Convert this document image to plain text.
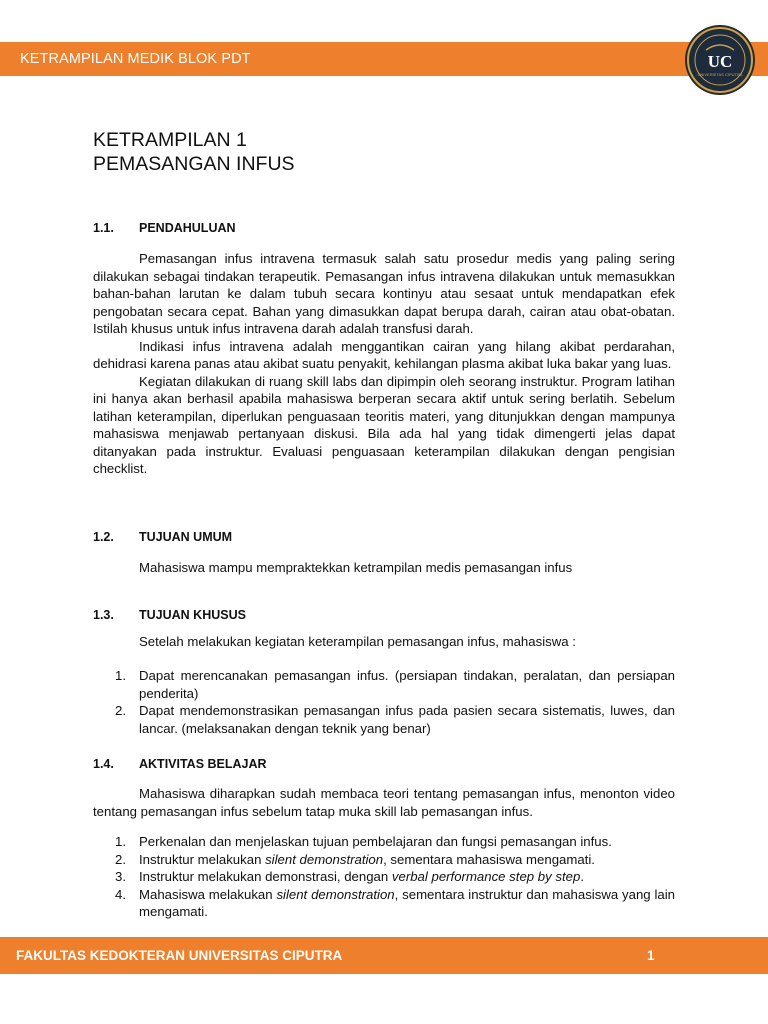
KETRAMPILAN MEDIK BLOK PDT	UC
UNIVERSITAS CIPUTRA
KETRAMPILAN 1
PEMASANGAN INFUS
1.1. PENDAHULUAN

Pemasangan infus intravena termasuk salah satu prosedur medis yang paling sering dilakukan sebagai tindakan terapeutik. Pemasangan infus intravena dilakukan untuk memasukkan bahan-bahan larutan ke dalam tubuh secara kontinyu atau sesaat untuk mendapatkan efek pengobatan secara cepat. Bahan yang dimasukkan dapat berupa darah, cairan atau obat-obatan. Istilah khusus untuk infus intravena darah adalah transfusi darah.

Indikasi infus intravena adalah menggantikan cairan yang hilang akibat perdarahan, dehidrasi karena panas atau akibat suatu penyakit, kehilangan plasma akibat luka bakar yang luas.

Kegiatan dilakukan di ruang skill labs dan dipimpin oleh seorang instruktur. Program latihan ini hanya akan berhasil apabila mahasiswa berperan secara aktif untuk sering berlatih. Sebelum latihan keterampilan, diperlukan penguasaan teoritis materi, yang ditunjukkan dengan mampunya mahasiswa menjawab pertanyaan diskusi. Bila ada hal yang tidak dimengerti jelas dapat ditanyakan pada instruktur. Evaluasi penguasaan keterampilan dilakukan dengan pengisian checklist.

1.2. TUJUAN UMUM

Mahasiswa mampu mempraktekkan ketrampilan medis pemasangan infus

1.3. TUJUAN KHUSUS

Setelah melakukan kegiatan keterampilan pemasangan infus, mahasiswa :

1. Dapat merencanakan pemasangan infus. (persiapan tindakan, peralatan, dan persiapan penderita)
2. Dapat mendemonstrasikan pemasangan infus pada pasien secara sistematis, luwes, dan lancar. (melaksanakan dengan teknik yang benar)
1.4. AKTIVITAS BELAJAR

Mahasiswa diharapkan sudah membaca teori tentang pemasangan infus, menonton video tentang pemasangan infus sebelum tatap muka skill lab pemasangan infus.

1. Perkenalan dan menjelaskan tujuan pembelajaran dan fungsi pemasangan infus.
2. Instruktur melakukan silent demonstration, sementara mahasiswa mengamati.
3. Instruktur melakukan demonstrasi, dengan verbal performance step by step.
4. Mahasiswa melakukan silent demonstration, sementara instruktur dan mahasiswa yang lain mengamati.
FAKULTAS KEDOKTERAN UNIVERSITAS CIPUTRA	1
